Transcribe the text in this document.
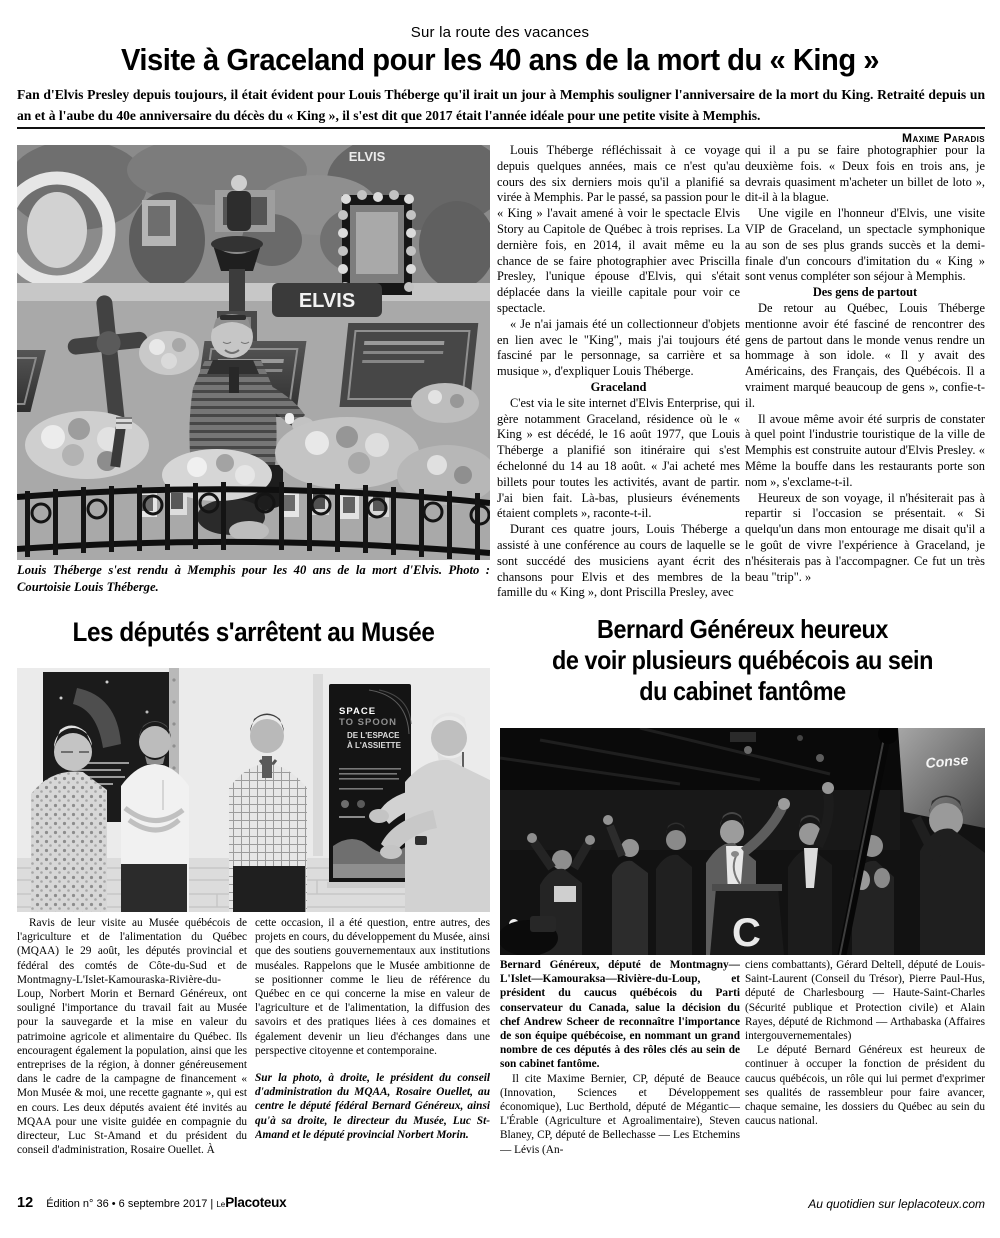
Sur la route des vacances
Visite à Graceland pour les 40 ans de la mort du « King »
Fan d'Elvis Presley depuis toujours, il était évident pour Louis Théberge qu'il irait un jour à Memphis souligner l'anniversaire de la mort du King. Retraité depuis un an et à l'aube du 40e anniversaire du décès du « King », il s'est dit que 2017 était l'année idéale pour une petite visite à Memphis.
Maxime Paradis
ELVIS
ELVIS
Louis Théberge s'est rendu à Memphis pour les 40 ans de la mort d'Elvis. Photo : Courtoisie Louis Théberge.

Louis Théberge réfléchissait à ce voyage depuis quelques années, mais ce n'est qu'au cours des six derniers mois qu'il a planifié sa virée à Memphis. Par le passé, sa passion pour le « King » l'avait amené à voir le spectacle Elvis Story au Capitole de Québec à trois reprises. La dernière fois, en 2014, il avait même eu la chance de se faire photographier avec Priscilla Presley, l'unique épouse d'Elvis, qui s'était déplacée dans la vieille capitale pour voir ce spectacle.

« Je n'ai jamais été un collectionneur d'objets en lien avec le "King", mais j'ai toujours été fasciné par le personnage, sa carrière et sa musique », d'expliquer Louis Théberge.

Graceland

C'est via le site internet d'Elvis Enterprise, qui gère notamment Graceland, résidence où le « King » est décédé, le 16 août 1977, que Louis Théberge a planifié son itinéraire qui s'est échelonné du 14 au 18 août. « J'ai acheté mes billets pour toutes les activités, avant de partir. J'ai bien fait. Là-bas, plusieurs événements étaient complets », raconte-t-il.

Durant ces quatre jours, Louis Théberge a assisté à une conférence au cours de laquelle se sont succédé des musiciens ayant écrit des chansons pour Elvis et des membres de la famille du « King », dont Priscilla Presley, avec

qui il a pu se faire photographier pour la deuxième fois. « Deux fois en trois ans, je devrais quasiment m'acheter un billet de loto », dit-il à la blague.

Une vigile en l'honneur d'Elvis, une visite VIP de Graceland, un spectacle symphonique au son de ses plus grands succès et la demi-finale d'un concours d'imitation du « King » sont venus compléter son séjour à Memphis.

Des gens de partout

De retour au Québec, Louis Théberge mentionne avoir été fasciné de rencontrer des gens de partout dans le monde venus rendre un hommage à son idole. « Il y avait des Américains, des Français, des Québécois. Il a vraiment marqué beaucoup de gens », confie-t-il.

Il avoue même avoir été surpris de constater à quel point l'industrie touristique de la ville de Memphis est construite autour d'Elvis Presley. « Même la bouffe dans les restaurants porte son nom », s'exclame-t-il.

Heureux de son voyage, il n'hésiterait pas à repartir si l'occasion se présentait. « Si quelqu'un dans mon entourage me disait qu'il a le goût de vivre l'expérience à Graceland, je n'hésiterais pas à l'accompagner. Ce fut un très beau "trip". »

Les députés s'arrêtent au Musée
SPACE
TO SPOON
DE L'ESPACE
À L'ASSIETTE

Ravis de leur visite au Musée québécois de l'agriculture et de l'alimentation du Québec (MQAA) le 29 août, les députés provincial et fédéral des comtés de Côte-du-Sud et de Montmagny-L'Islet-Kamouraska-Rivière-du-Loup, Norbert Morin et Bernard Généreux, ont souligné l'importance du travail fait au Musée pour la sauvegarde et la mise en valeur du patrimoine agricole et alimentaire du Québec. Ils encouragent également la population, ainsi que les entreprises de la région, à donner généreusement dans le cadre de la campagne de financement « Mon Musée & moi, une recette gagnante », qui est en cours. Les deux députés avaient été invités au MQAA pour une visite guidée en compagnie du directeur, Luc St-Amand et du président du conseil d'administration, Rosaire Ouellet. À

cette occasion, il a été question, entre autres, des projets en cours, du développement du Musée, ainsi que des soutiens gouvernementaux aux institutions muséales. Rappelons que le Musée ambitionne de se positionner comme le lieu de référence du Québec en ce qui concerne la mise en valeur de l'agriculture et de l'alimentation, la diffusion des savoirs et des pratiques liées à ces domaines et également devenir un lieu d'échanges dans une perspective citoyenne et contemporaine.

Sur la photo, à droite, le président du conseil d'administration du MQAA, Rosaire Ouellet, au centre le député fédéral Bernard Généreux, ainsi qu'à sa droite, le directeur du Musée, Luc St-Amand et le député provincial Norbert Morin.

Bernard Généreux heureux
de voir plusieurs québécois au sein
du cabinet fantôme
Conse
C

Bernard Généreux, député de Montmagny—L'Islet—Kamouraksa—Rivière-du-Loup, et président du caucus québécois du Parti conservateur du Canada, salue la décision du chef Andrew Scheer de reconnaître l'importance de son équipe québécoise, en nommant un grand nombre de ces députés à des rôles clés au sein de son cabinet fantôme.

Il cite Maxime Bernier, CP, député de Beauce (Innovation, Sciences et Développement économique), Luc Berthold, député de Mégantic—L'Érable (Agriculture et Agroalimentaire), Steven Blaney, CP, député de Bellechasse — Les Etchemins — Lévis (An-

ciens combattants), Gérard Deltell, député de Louis-Saint-Laurent (Conseil du Trésor), Pierre Paul-Hus, député de Charlesbourg — Haute-Saint-Charles (Sécurité publique et Protection civile) et Alain Rayes, député de Richmond — Arthabaska (Affaires intergouvernementales)

Le député Bernard Généreux est heureux de continuer à occuper la fonction de président du caucus québécois, un rôle qui lui permet d'exprimer ses qualités de rassembleur pour faire avancer, chaque semaine, les dossiers du Québec au sein du caucus national.

12 Édition n° 36 • 6 septembre 2017 | LePlacoteux	Au quotidien sur leplacoteux.com
